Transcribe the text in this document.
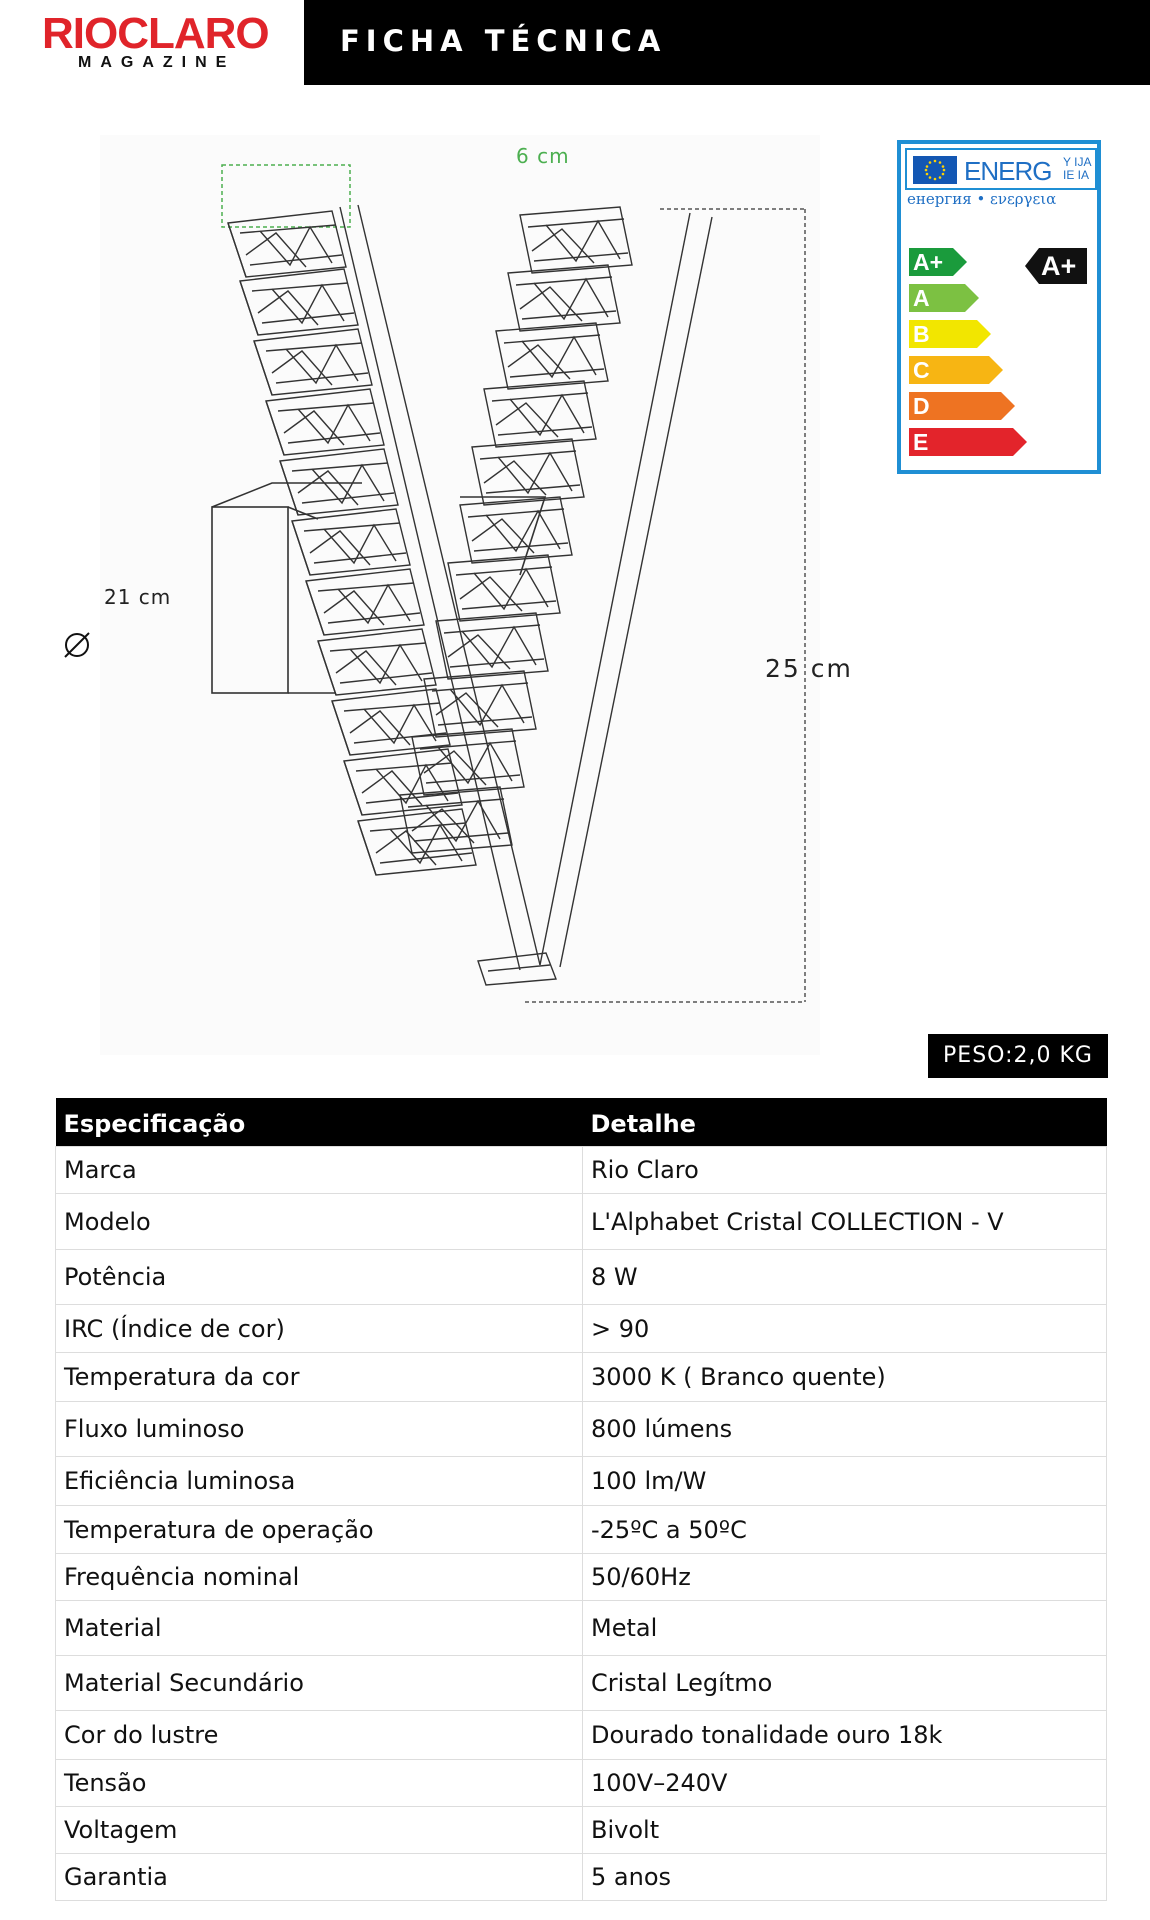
RIOCLARO
MAGAZINE
FICHA TÉCNICA
6 cm
21 cm
25 cm
ENERG Y IJA
IE IA
енергия • ενεργεια
A+
A
B
C
D
E
A+
PESO:2,0 KG
Especificação	Detalhe
Marca	Rio Claro
Modelo	L'Alphabet Cristal COLLECTION - V
Potência	8 W
IRC (Índice de cor)	> 90
Temperatura da cor	3000 K ( Branco quente)
Fluxo luminoso	800 lúmens
Eficiência luminosa	100 lm/W
Temperatura de operação	-25ºC a 50ºC
Frequência nominal	50/60Hz
Material	Metal
Material Secundário	Cristal Legítmo
Cor do lustre	Dourado tonalidade ouro 18k
Tensão	100V–240V
Voltagem	Bivolt
Garantia	5 anos
